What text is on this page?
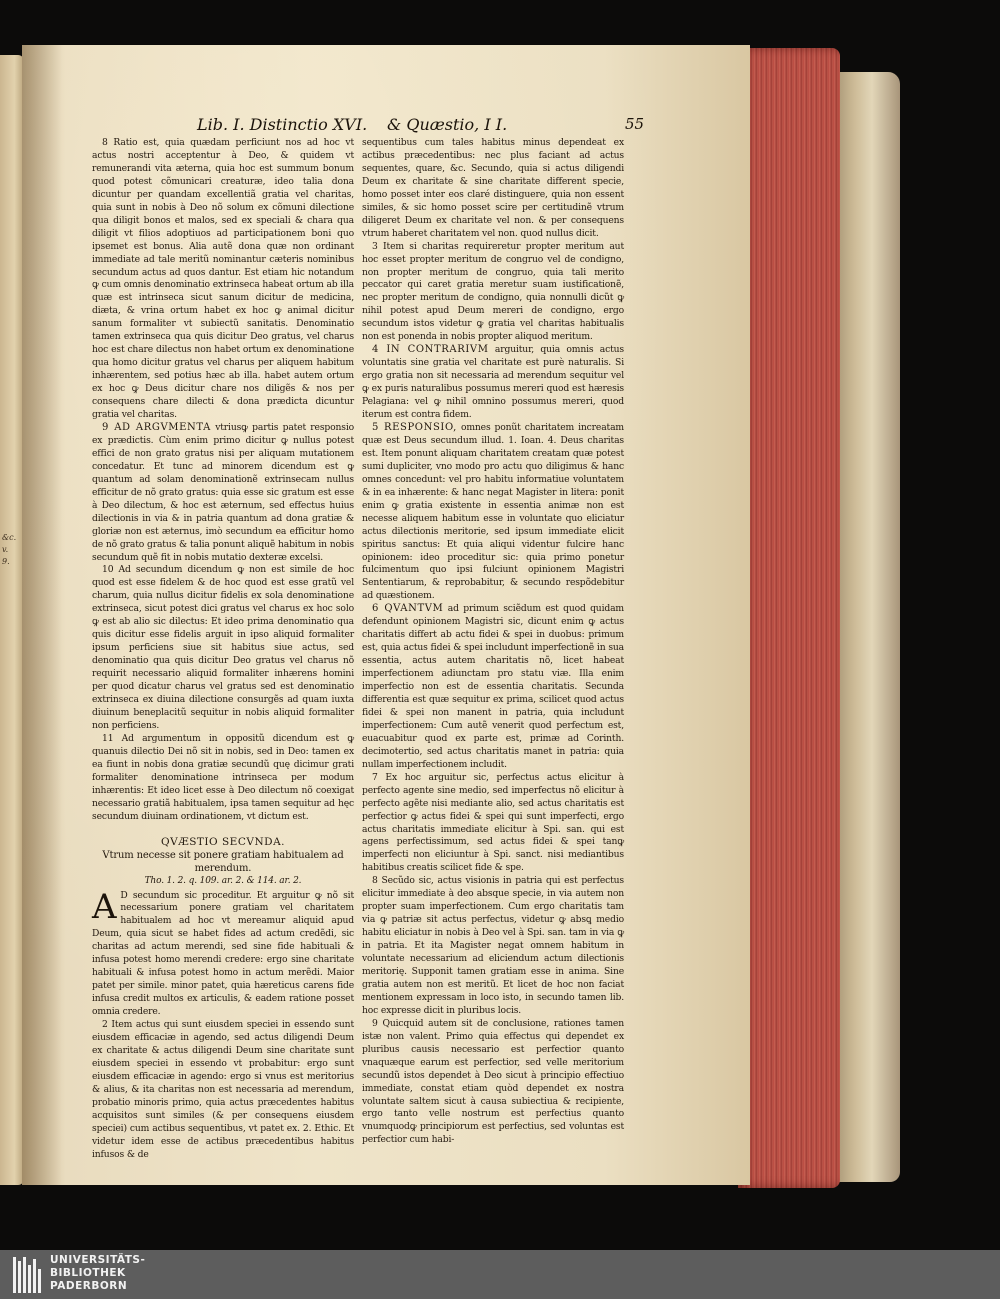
&c.
v.
9.
Lib. I. Distinctio XVI. & Quæstio, I I.	55

8 Ratio est, quia quædam perficiunt nos ad hoc vt actus nostri acceptentur à Deo, & quidem vt remunerandi vita æterna, quia hoc est summum bonum quod potest cõmunicari creaturæ, ideo talia dona dicuntur per quandam excellentiã gratia vel charitas, quia sunt in nobis à Deo nõ solum ex cõmuni dilectione qua diligit bonos et malos, sed ex speciali & chara qua diligit vt filios adoptiuos ad participationem boni quo ipsemet est bonus. Alia autẽ dona quæ non ordinant immediate ad tale meritũ nominantur cæteris nominibus secundum actus ad quos dantur. Est etiam hic notandum ꝙ cum omnis denominatio extrinseca habeat ortum ab illa quæ est intrinseca sicut sanum dicitur de medicina, diæta, & vrina ortum habet ex hoc ꝙ animal dicitur sanum formaliter vt subiectũ sanitatis. Denominatio tamen extrinseca qua quis dicitur Deo gratus, vel charus hoc est chare dilectus non habet ortum ex denominatione qua homo dicitur gratus vel charus per aliquem habitum inhærentem, sed potius hæc ab illa. habet autem ortum ex hoc ꝙ Deus dicitur chare nos diligẽs & nos per consequens chare dilecti & dona prædicta dicuntur gratia vel charitas.

9 AD ARGVMENTA vtriusꝙ partis patet responsio ex prædictis. Cùm enim primo dicitur ꝙ nullus potest effici de non grato gratus nisi per aliquam mutationem concedatur. Et tunc ad minorem dicendum est ꝙ quantum ad solam denominationẽ extrinsecam nullus efficitur de nõ grato gratus: quia esse sic gratum est esse à Deo dilectum, & hoc est æternum, sed effectus huius dilectionis in via & in patria quantum ad dona gratiæ & gloriæ non est æternus, imò secundum ea efficitur homo de nõ grato gratus & talia ponunt aliquẽ habitum in nobis secundum quẽ fit in nobis mutatio dexteræ excelsi.

10 Ad secundum dicendum ꝙ non est simile de hoc quod est esse fidelem & de hoc quod est esse gratũ vel charum, quia nullus dicitur fidelis ex sola denominatione extrinseca, sicut potest dici gratus vel charus ex hoc solo ꝙ est ab alio sic dilectus: Et ideo prima denominatio qua quis dicitur esse fidelis arguit in ipso aliquid formaliter ipsum perficiens siue sit habitus siue actus, sed denominatio qua quis dicitur Deo gratus vel charus nõ requirit necessario aliquid formaliter inhærens homini per quod dicatur charus vel gratus sed est denominatio extrinseca ex diuina dilectione consurgẽs ad quam iuxta diuinum beneplacitũ sequitur in nobis aliquid formaliter non perficiens.

11 Ad argumentum in oppositũ dicendum est ꝙ quanuis dilectio Dei nõ sit in nobis, sed in Deo: tamen ex ea fiunt in nobis dona gratiæ secundũ quę dicimur grati formaliter denominatione intrinseca per modum inhærentis: Et ideo licet esse à Deo dilectum nõ coexigat necessario gratiã habitualem, ipsa tamen sequitur ad hęc secundum diuinam ordinationem, vt dictum est.

QVÆSTIO SECVNDA.
Vtrum necesse sit ponere gratiam habitualem ad merendum.
Tho. 1. 2. q. 109. ar. 2. & 114. ar. 2.

A D secundum sic proceditur. Et arguitur ꝙ nõ sit necessarium ponere gratiam vel charitatem habitualem ad hoc vt mereamur aliquid apud Deum, quia sicut se habet fides ad actum credẽdi, sic charitas ad actum merendi, sed sine fide habituali & infusa potest homo merendi credere: ergo sine charitate habituali & infusa potest homo in actum merẽdi. Maior patet per simile. minor patet, quia hæreticus carens fide infusa credit multos ex articulis, & eadem ratione posset omnia credere.

2 Item actus qui sunt eiusdem speciei in essendo sunt eiusdem efficaciæ in agendo, sed actus diligendi Deum ex charitate & actus diligendi Deum sine charitate sunt eiusdem speciei in essendo vt probabitur: ergo sunt eiusdem efficaciæ in agendo: ergo si vnus est meritorius & alius, & ita charitas non est necessaria ad merendum, probatio minoris primo, quia actus præcedentes habitus acquisitos sunt similes (& per consequens eiusdem speciei) cum actibus sequentibus, vt patet ex. 2. Ethic. Et videtur idem esse de actibus præcedentibus habitus infusos & de

sequentibus cum tales habitus minus dependeat ex actibus præcedentibus: nec plus faciant ad actus sequentes, quare, &c. Secundo, quia si actus diligendi Deum ex charitate & sine charitate different specie, homo posset inter eos claré distinguere, quia non essent similes, & sic homo posset scire per certitudinẽ vtrum diligeret Deum ex charitate vel non. & per consequens vtrum haberet charitatem vel non. quod nullus dicit.

3 Item si charitas requireretur propter meritum aut hoc esset propter meritum de congruo vel de condigno, non propter meritum de congruo, quia tali merito peccator qui caret gratia meretur suam iustificationẽ, nec propter meritum de condigno, quia nonnulli dicũt ꝙ nihil potest apud Deum mereri de condigno, ergo secundum istos videtur ꝙ gratia vel charitas habitualis non est ponenda in nobis propter aliquod meritum.

4 IN CONTRARIVM arguitur, quia omnis actus voluntatis sine gratia vel charitate est purè naturalis. Si ergo gratia non sit necessaria ad merendum sequitur vel ꝙ ex puris naturalibus possumus mereri quod est hæresis Pelagiana: vel ꝙ nihil omnino possumus mereri, quod iterum est contra fidem.

5 RESPONSIO, omnes ponũt charitatem increatam quæ est Deus secundum illud. 1. Ioan. 4. Deus charitas est. Item ponunt aliquam charitatem creatam quæ potest sumi dupliciter, vno modo pro actu quo diligimus & hanc omnes concedunt: vel pro habitu informatiue voluntatem & in ea inhærente: & hanc negat Magister in litera: ponit enim ꝙ gratia existente in essentia animæ non est necesse aliquem habitum esse in voluntate quo eliciatur actus dilectionis meritorie, sed ipsum immediate elicit spiritus sanctus: Et quia aliqui videntur fulcire hanc opinionem: ideo proceditur sic: quia primo ponetur fulcimentum quo ipsi fulciunt opinionem Magistri Sententiarum, & reprobabitur, & secundo respõdebitur ad quæstionem.

6 QVANTVM ad primum sciẽdum est quod quidam defendunt opinionem Magistri sic, dicunt enim ꝙ actus charitatis differt ab actu fidei & spei in duobus: primum est, quia actus fidei & spei includunt imperfectionẽ in sua essentia, actus autem charitatis nõ, licet habeat imperfectionem adiunctam pro statu viæ. Illa enim imperfectio non est de essentia charitatis. Secunda differentia est quæ sequitur ex prima, scilicet quod actus fidei & spei non manent in patria, quia includunt imperfectionem: Cum autẽ venerit quod perfectum est, euacuabitur quod ex parte est, primæ ad Corinth. decimotertio, sed actus charitatis manet in patria: quia nullam imperfectionem includit.

7 Ex hoc arguitur sic, perfectus actus elicitur à perfecto agente sine medio, sed imperfectus nõ elicitur à perfecto agẽte nisi mediante alio, sed actus charitatis est perfectior ꝙ actus fidei & spei qui sunt imperfecti, ergo actus charitatis immediate elicitur à Spi. san. qui est agens perfectissimum, sed actus fidei & spei tanꝙ imperfecti non eliciuntur à Spi. sanct. nisi mediantibus habitibus creatis scilicet fide & spe.

8 Secũdo sic, actus visionis in patria qui est perfectus elicitur immediate à deo absque specie, in via autem non propter suam imperfectionem. Cum ergo charitatis tam via ꝙ patriæ sit actus perfectus, videtur ꝙ absꝗ medio habitu eliciatur in nobis à Deo vel à Spi. san. tam in via ꝙ in patria. Et ita Magister negat omnem habitum in voluntate necessarium ad eliciendum actum dilectionis meritorię. Supponit tamen gratiam esse in anima. Sine gratia autem non est meritũ. Et licet de hoc non faciat mentionem expressam in loco isto, in secundo tamen lib. hoc expresse dicit in pluribus locis.

9 Quicquid autem sit de conclusione, rationes tamen istæ non valent. Primo quia effectus qui dependet ex pluribus causis necessario est perfectior quanto vnaquæque earum est perfectior, sed velle meritorium secundũ istos dependet à Deo sicut à principio effectiuo immediate, constat etiam quòd dependet ex nostra voluntate saltem sicut à causa subiectiua & recipiente, ergo tanto velle nostrum est perfectius quanto vnumquodꝙ principiorum est perfectius, sed voluntas est perfectior cum habi-

UNIVERSITÄTS-
BIBLIOTHEK
PADERBORN
